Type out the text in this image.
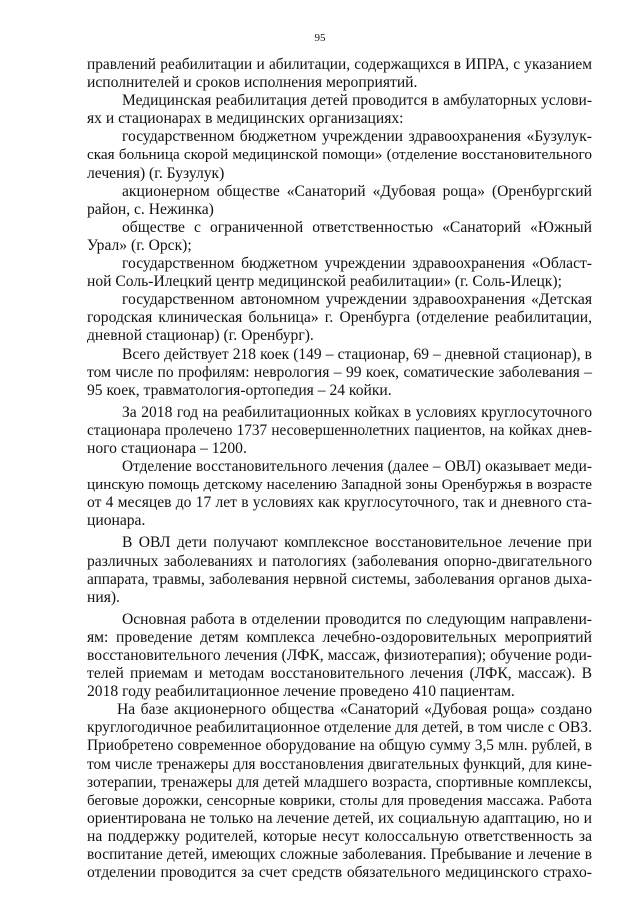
95
правлений реабилитации и абилитации, содержащихся в ИПРА, с указанием
исполнителей и сроков исполнения мероприятий.
Медицинская реабилитация детей проводится в амбулаторных услови-
ях и стационарах в медицинских организациях:
государственном бюджетном учреждении здравоохранения «Бузулук-
ская больница скорой медицинской помощи» (отделение восстановительного
лечения) (г. Бузулук)
акционерном обществе «Санаторий «Дубовая роща» (Оренбургский
район, с. Нежинка)
обществе с ограниченной ответственностью «Санаторий «Южный
Урал» (г. Орск);
государственном бюджетном учреждении здравоохранения «Област-
ной Соль-Илецкий центр медицинской реабилитации» (г. Соль-Илецк);
государственном автономном учреждении здравоохранения «Детская
городская клиническая больница» г. Оренбурга (отделение реабилитации,
дневной стационар) (г. Оренбург).
Всего действует 218 коек (149 – стационар, 69 – дневной стационар), в
том числе по профилям: неврология – 99 коек, соматические заболевания –
95 коек, травматология-ортопедия – 24 койки.
За 2018 год на реабилитационных койках в условиях круглосуточного
стационара пролечено 1737 несовершеннолетних пациентов, на койках днев-
ного стационара – 1200.
Отделение восстановительного лечения (далее – ОВЛ) оказывает меди-
цинскую помощь детскому населению Западной зоны Оренбуржья в возрасте
от 4 месяцев до 17 лет в условиях как круглосуточного, так и дневного ста-
ционара.
В ОВЛ дети получают комплексное восстановительное лечение при
различных заболеваниях и патологиях (заболевания опорно-двигательного
аппарата, травмы, заболевания нервной системы, заболевания органов дыха-
ния).
Основная работа в отделении проводится по следующим направлени-
ям: проведение детям комплекса лечебно-оздоровительных мероприятий
восстановительного лечения (ЛФК, массаж, физиотерапия); обучение роди-
телей приемам и методам восстановительного лечения (ЛФК, массаж). В
2018 году реабилитационное лечение проведено 410 пациентам.
На базе акционерного общества «Санаторий «Дубовая роща» создано
круглогодичное реабилитационное отделение для детей, в том числе с ОВЗ.
Приобретено современное оборудование на общую сумму 3,5 млн. рублей, в
том числе тренажеры для восстановления двигательных функций, для кине-
зотерапии, тренажеры для детей младшего возраста, спортивные комплексы,
беговые дорожки, сенсорные коврики, столы для проведения массажа. Работа
ориентирована не только на лечение детей, их социальную адаптацию, но и
на поддержку родителей, которые несут колоссальную ответственность за
воспитание детей, имеющих сложные заболевания. Пребывание и лечение в
отделении проводится за счет средств обязательного медицинского страхо-
